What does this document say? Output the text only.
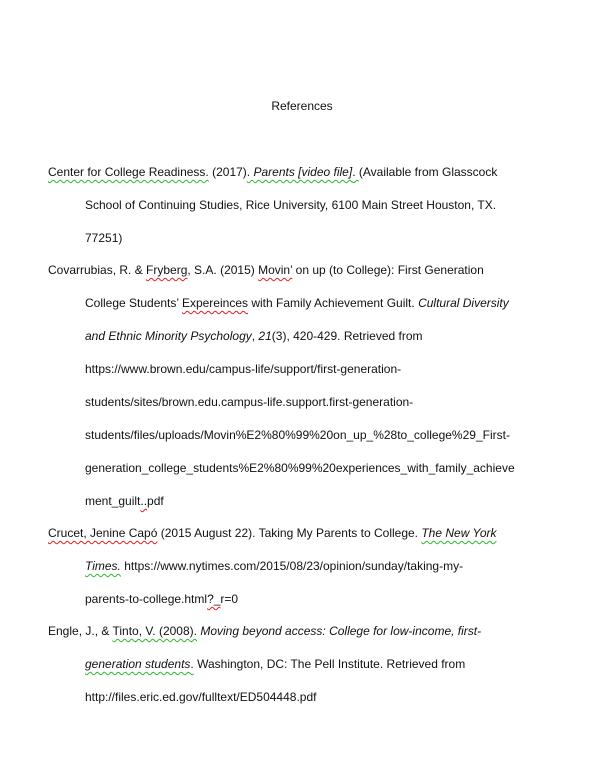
References
Center for College Readiness. (2017). Parents [video file]. (Available from Glasscock
School of Continuing Studies, Rice University, 6100 Main Street Houston, TX.
77251)
Covarrubias, R. & Fryberg, S.A. (2015) Movin’ on up (to College): First Generation
College Students’ Expereinces with Family Achievement Guilt. Cultural Diversity
and Ethnic Minority Psychology, 21(3), 420-429. Retrieved from
https://www.brown.edu/campus-life/support/first-generation-
students/sites/brown.edu.campus-life.support.first-generation-
students/files/uploads/Movin%E2%80%99%20on_up_%28to_college%29_First-
generation_college_students%E2%80%99%20experiences_with_family_achieve
ment_guilt..pdf
Crucet, Jenine Capó (2015 August 22). Taking My Parents to College. The New York
Times. https://www.nytimes.com/2015/08/23/opinion/sunday/taking-my-
parents-to-college.html?_r=0
Engle, J., & Tinto, V. (2008). Moving beyond access: College for low-income, first-
generation students. Washington, DC: The Pell Institute. Retrieved from
http://files.eric.ed.gov/fulltext/ED504448.pdf
